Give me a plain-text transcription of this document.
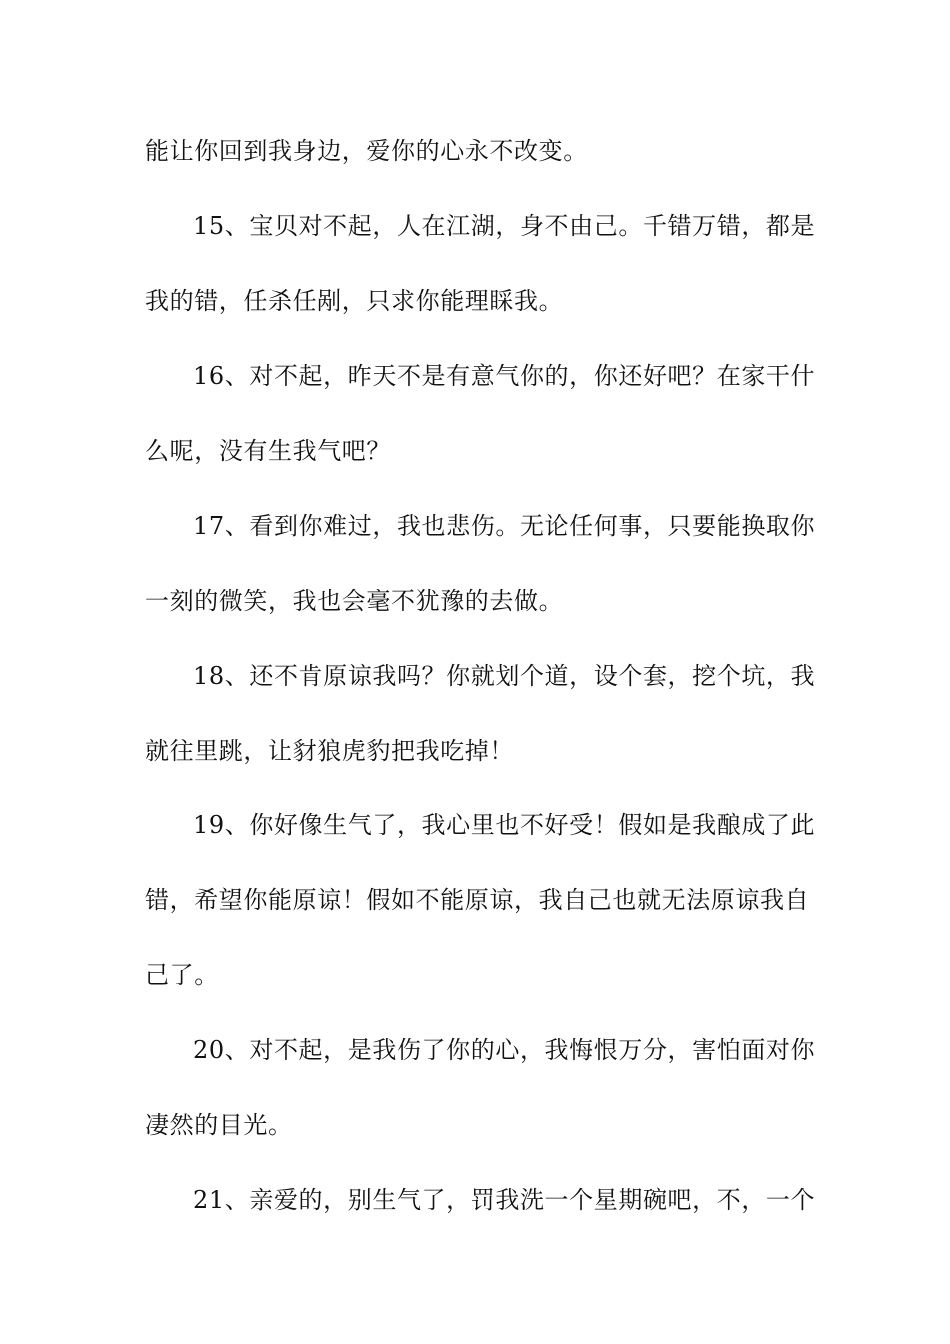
能让你回到我身边，爱你的心永不改变。
15、宝贝对不起，人在江湖，身不由己。千错万错，都是
我的错，任杀任剐，只求你能理睬我。
16、对不起，昨天不是有意气你的，你还好吧？在家干什
么呢，没有生我气吧？
17、看到你难过，我也悲伤。无论任何事，只要能换取你
一刻的微笑，我也会毫不犹豫的去做。
18、还不肯原谅我吗？你就划个道，设个套，挖个坑，我
就往里跳，让豺狼虎豹把我吃掉！
19、你好像生气了，我心里也不好受！假如是我酿成了此
错，希望你能原谅！假如不能原谅，我自己也就无法原谅我自
己了。
20、对不起，是我伤了你的心，我悔恨万分，害怕面对你
凄然的目光。
21、亲爱的，别生气了，罚我洗一个星期碗吧，不，一个
